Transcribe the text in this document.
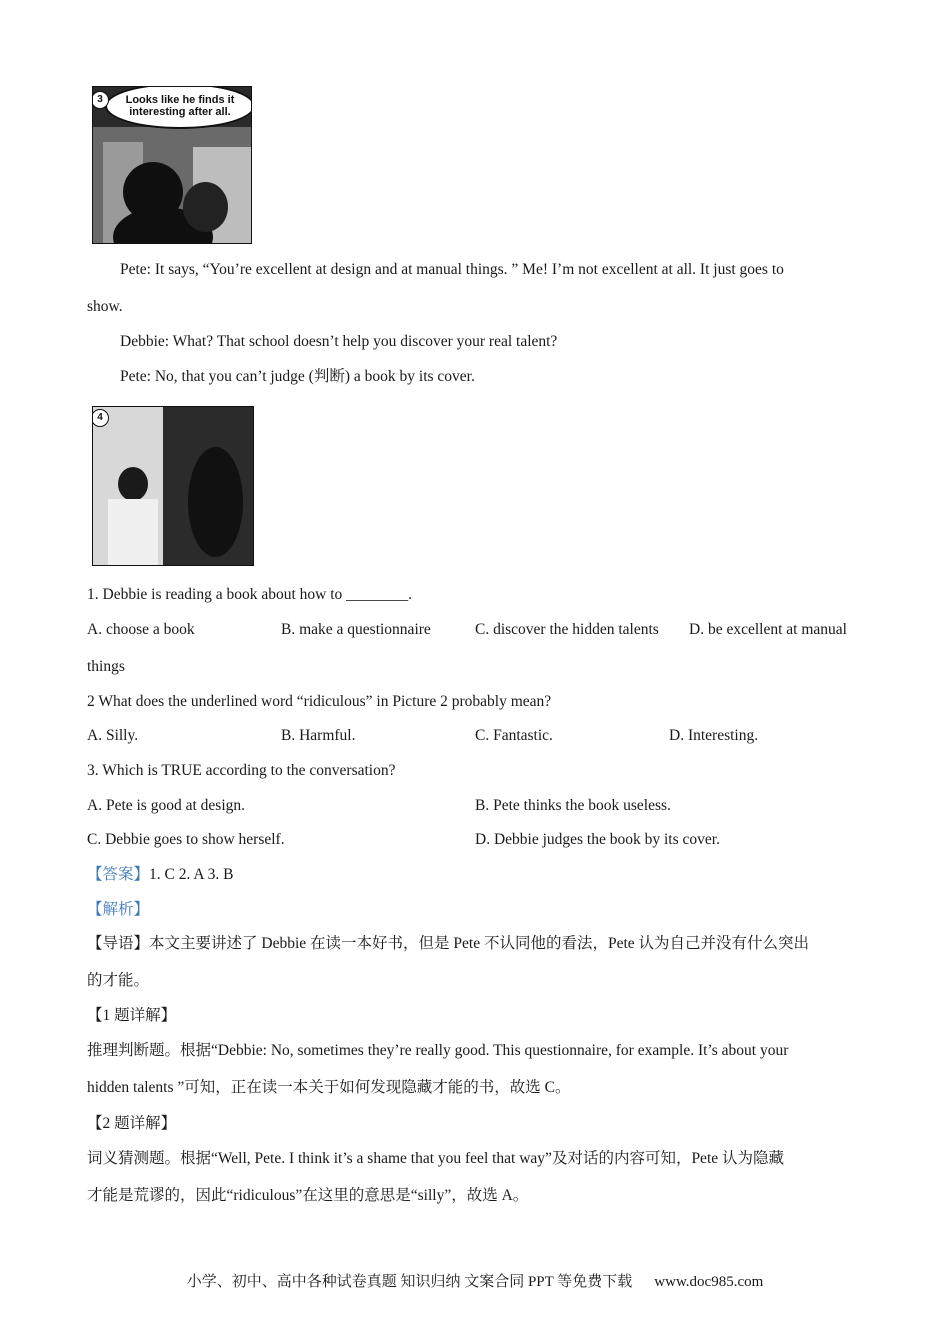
Looks like he finds it
interesting after all.
3
Pete: It says, “You’re excellent at design and at manual things. ” Me! I’m not excellent at all. It just goes to
show.
Debbie: What? That school doesn’t help you discover your real talent?
Pete: No, that you can’t judge (判断) a book by its cover.
4
1. Debbie is reading a book about how to ________.
A. choose a book	B. make a questionnaire	C. discover the hidden talents D. be excellent at manual
things
2 What does the underlined word “ridiculous” in Picture 2 probably mean?
A. Silly.	B. Harmful.	C. Fantastic.	D. Interesting.
3. Which is TRUE according to the conversation?
A. Pete is good at design.	B. Pete thinks the book useless.
C. Debbie goes to show herself.	D. Debbie judges the book by its cover.
【答案】1. C 2. A 3. B
【解析】
【导语】本文主要讲述了 Debbie 在读一本好书，但是 Pete 不认同他的看法，Pete 认为自己并没有什么突出
的才能。
【1 题详解】
推理判断题。根据“Debbie: No, sometimes they’re really good. This questionnaire, for example. It’s about your
hidden talents ”可知，正在读一本关于如何发现隐藏才能的书，故选 C。
【2 题详解】
词义猜测题。根据“Well, Pete. I think it’s a shame that you feel that way”及对话的内容可知，Pete 认为隐藏
才能是荒谬的，因此“ridiculous”在这里的意思是“silly”，故选 A。
小学、初中、高中各种试卷真题 知识归纳 文案合同 PPT 等免费下载 www.doc985.com
